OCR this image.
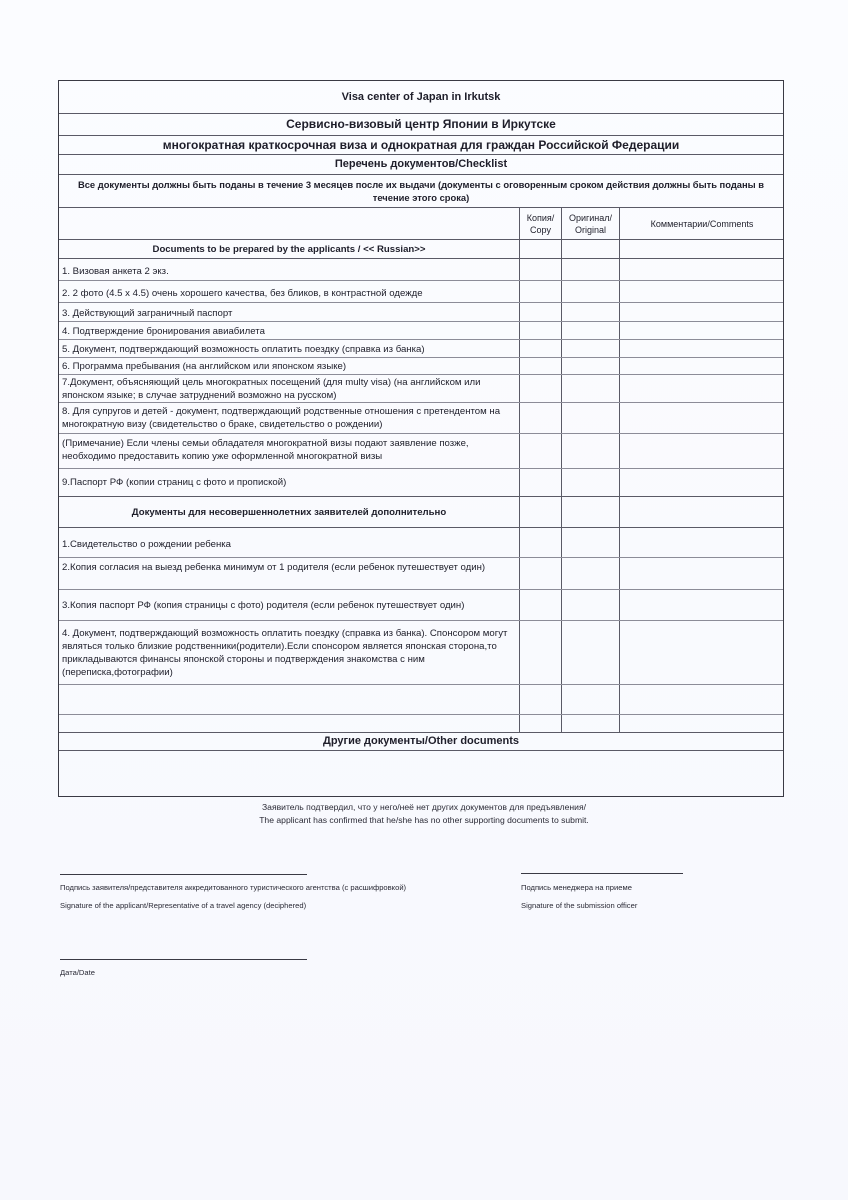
Visa center of Japan in Irkutsk
Сервисно-визовый центр Японии в Иркутске
многократная краткосрочная виза и однократная для граждан Российской Федерации
Перечень документов/Checklist
Все документы должны быть поданы в течение 3 месяцев после их выдачи (документы с оговоренным сроком действия должны быть поданы в течение этого срока)
Копия/ Copy
Оригинал/ Original
Комментарии/Comments
Documents to be prepared by the applicants / << Russian>>
1. Визовая анкета 2 экз.
2. 2 фото (4.5 x 4.5) очень хорошего качества, без бликов, в контрастной одежде
3. Действующий заграничный паспорт
4. Подтверждение бронирования авиабилета
5. Документ, подтверждающий возможность оплатить поездку (справка из банка)
6. Программа пребывания (на английском или японском языке)
7.Документ, объясняющий цель многократных посещений (для multy visa) (на английском или японском языке; в случае затруднений возможно на русском)
8. Для супругов и детей - документ, подтверждающий родственные отношения с претендентом на многократную визу (свидетельство о браке, свидетельство о рождении)
(Примечание) Если члены семьи обладателя многократной визы подают заявление позже, необходимо предоставить копию уже оформленной многократной визы
9.Паспорт РФ (копии страниц с фото и пропиской)
Документы для несовершеннолетних заявителей дополнительно
1.Свидетельство о рождении ребенка
2.Копия согласия на выезд ребенка минимум от 1 родителя (если ребенок путешествует один)
3.Копия паспорт РФ (копия страницы с фото) родителя (если ребенок путешествует один)
4. Документ, подтверждающий возможность оплатить поездку (справка из банка). Спонсором могут являться только близкие родственники(родители).Если спонсором является японская сторона,то прикладываются финансы японской стороны и подтверждения знакомства с ним (переписка,фотографии)
Другие документы/Other documents
Заявитель подтвердил, что у него/неё нет других документов для предъявления/
The applicant has confirmed that he/she has no other supporting documents to submit.
Подпись заявителя/представителя аккредитованного туристического агентства (с расшифровкой)
Signature of the applicant/Representative of a travel agency (deciphered)
Подпись менеджера на приеме
Signature of the submission officer
Дата/Date
